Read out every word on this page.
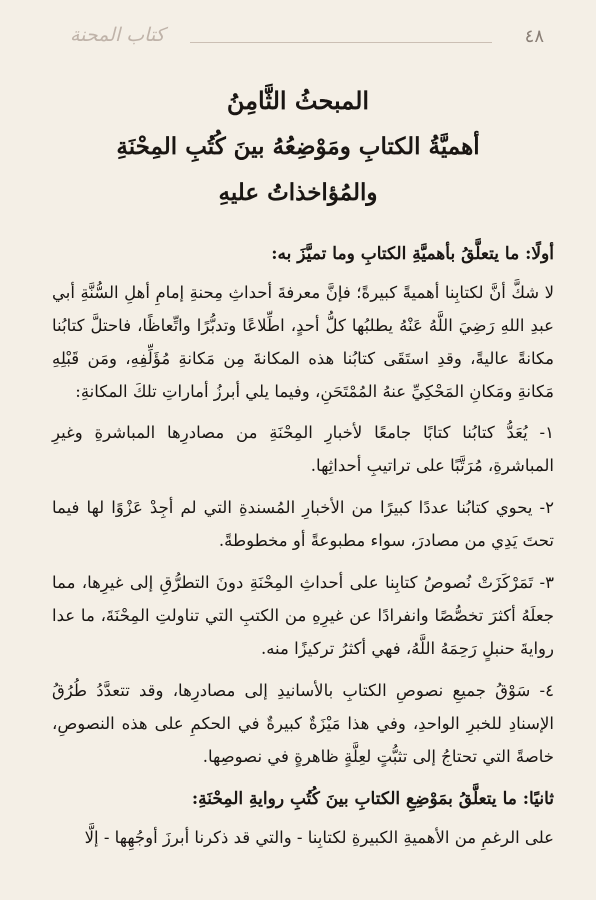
٤٨
كتاب المحنة
المبحثُ الثَّامِنُ
أهميَّةُ الكتابِ ومَوْضِعُهُ بينَ كُتُبِ المِحْنَةِ
والمُؤاخذاتُ عليهِ
أولًا: ما يتعلَّقُ بأهميَّةِ الكتابِ وما تميَّزَ به:

لا شكَّ أنَّ لكتابِنا أهميةً كبيرةً؛ فإنَّ معرفةَ أحداثِ مِحنةِ إمامِ أهلِ السُّنَّةِ أبي عبدِ اللهِ رَضِيَ اللَّهُ عَنْهُ يطلبُها كلُّ أحدٍ، اطِّلاعًا وتدبُّرًا واتِّعاظًا، فاحتلَّ كتابُنا مكانةً عاليةً، وقدِ استَقَى كتابُنا هذه المكانةَ مِن مَكانةِ مُؤَلِّفِهِ، ومَن قَبْلِهِ مَكانةِ ومَكانِ المَحْكِيِّ عنهُ المُمْتَحَنِ، وفيما يلي أبرزُ أماراتِ تلكَ المكانةِ:

١- يُعَدُّ كتابُنا كتابًا جامعًا لأخبارِ المِحْنَةِ من مصادرِها المباشرةِ وغيرِ المباشرةِ، مُرَتَّبًا على تراتيبِ أحداثِها.

٢- يحوي كتابُنا عددًا كبيرًا من الأخبارِ المُسندةِ التي لم أجِدْ عَزْوًا لها فيما تحتَ يَدِي من مصادرَ، سواء مطبوعةً أو مخطوطةً.

٣- تَمَرْكَزَتْ نُصوصُ كتابِنا على أحداثِ المِحْنَةِ دونَ التطرُّقِ إلى غيرِها، مما جعلَهُ أكثرَ تخصُّصًا وانفرادًا عن غيرِهِ من الكتبِ التي تناولتِ المِحْنَةَ، ما عدا روايةَ حنبلٍ رَحِمَهُ اللَّهُ، فهي أكثرُ تركيزًا منه.

٤- سَوْقُ جميعِ نصوصِ الكتابِ بالأسانيدِ إلى مصادرِها، وقد تتعدَّدُ طُرُقُ الإسنادِ للخبرِ الواحدِ، وفي هذا مَيْزَةٌ كبيرةٌ في الحكمِ على هذه النصوصِ، خاصةً التي تحتاجُ إلى تثبُّتٍ لعِلَّةٍ ظاهرةٍ في نصوصِها.

ثانيًا: ما يتعلَّقُ بمَوْضِعِ الكتابِ بينَ كُتُبِ روايةِ المِحْنَةِ:

على الرغمِ من الأهميةِ الكبيرةِ لكتابِنا - والتي قد ذكرنا أبرزَ أوجُهِها - إلَّا
